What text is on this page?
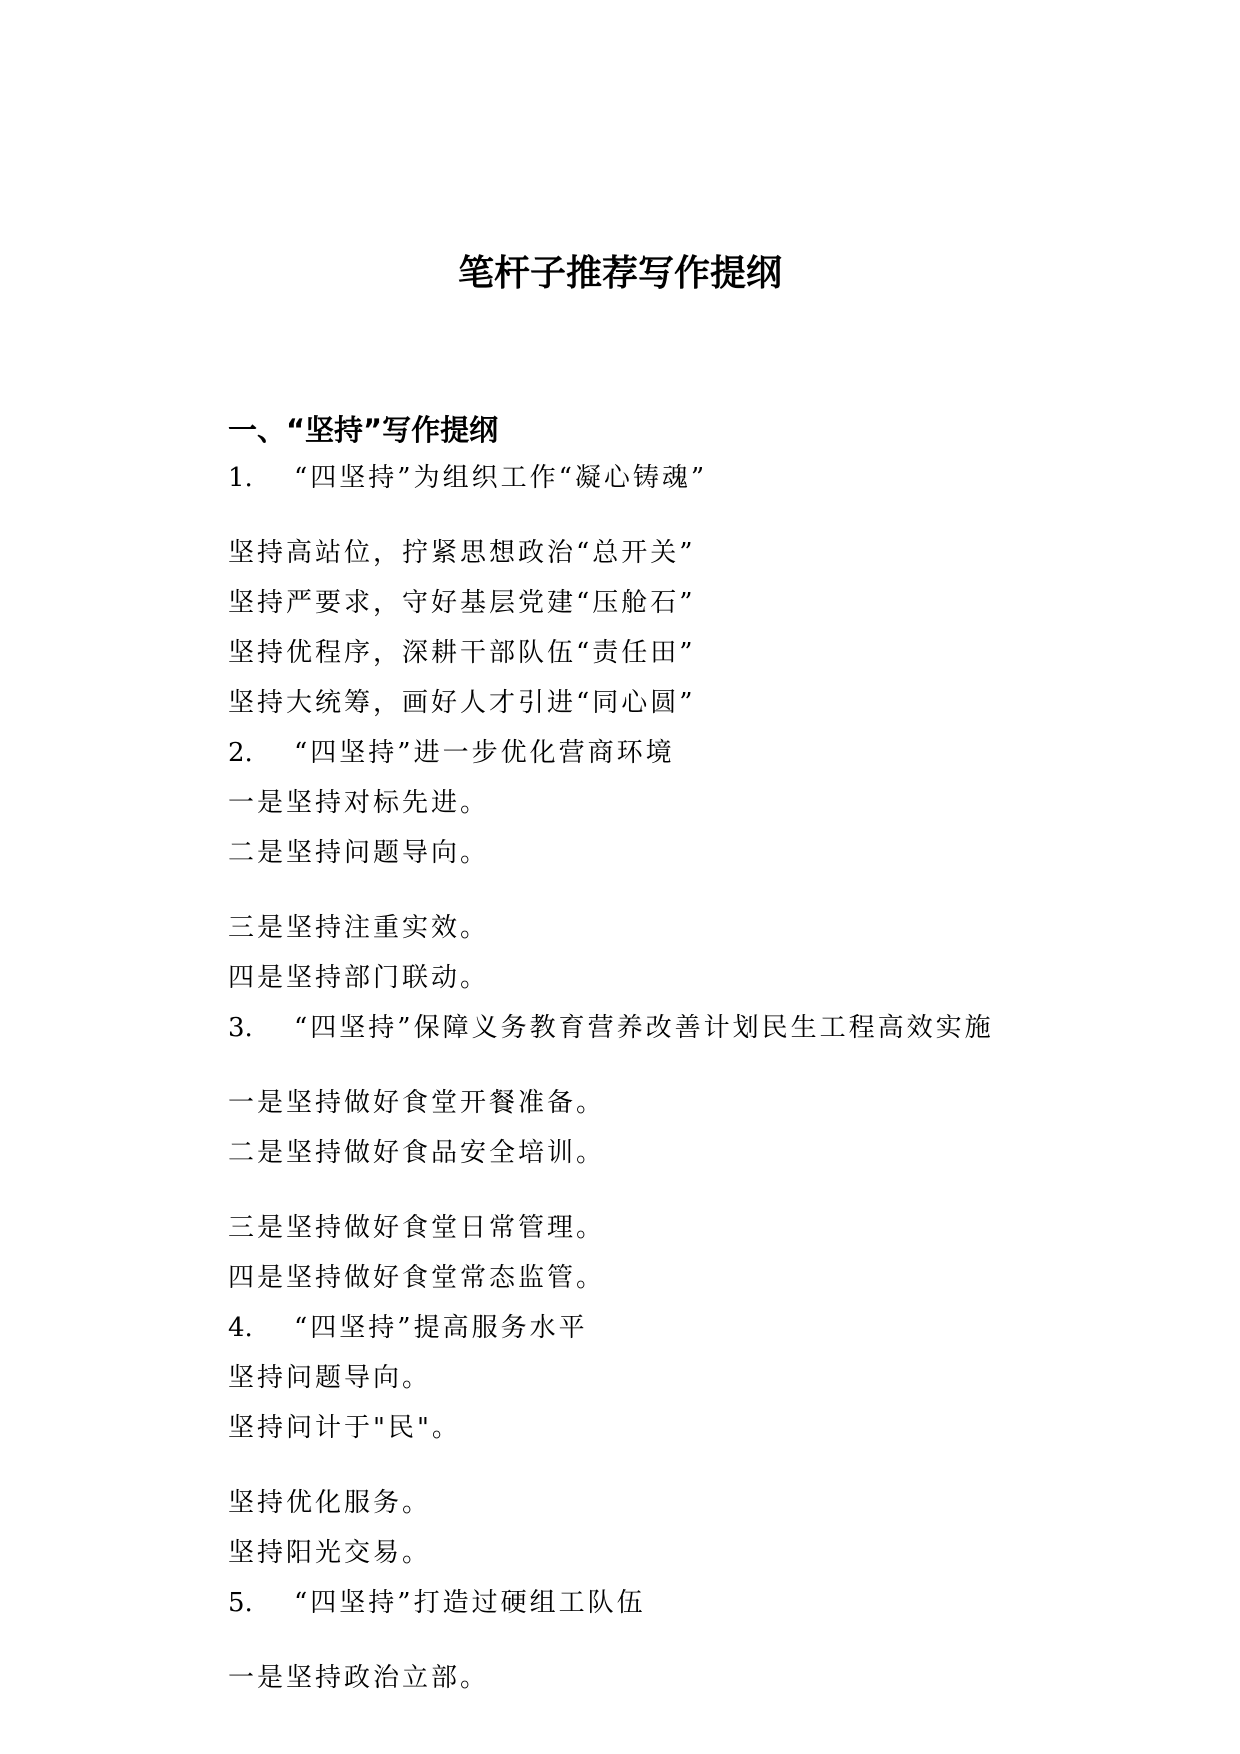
笔杆子推荐写作提纲
一、“坚持”写作提纲
1. “四坚持”为组织工作“凝心铸魂”
坚持高站位，拧紧思想政治“总开关”
坚持严要求，守好基层党建“压舱石”
坚持优程序，深耕干部队伍“责任田”
坚持大统筹，画好人才引进“同心圆”
2. “四坚持”进一步优化营商环境
一是坚持对标先进。
二是坚持问题导向。
三是坚持注重实效。
四是坚持部门联动。
3. “四坚持”保障义务教育营养改善计划民生工程高效实施
一是坚持做好食堂开餐准备。
二是坚持做好食品安全培训。
三是坚持做好食堂日常管理。
四是坚持做好食堂常态监管。
4. “四坚持”提高服务水平
坚持问题导向。
坚持问计于"民"。
坚持优化服务。
坚持阳光交易。
5. “四坚持”打造过硬组工队伍
一是坚持政治立部。
